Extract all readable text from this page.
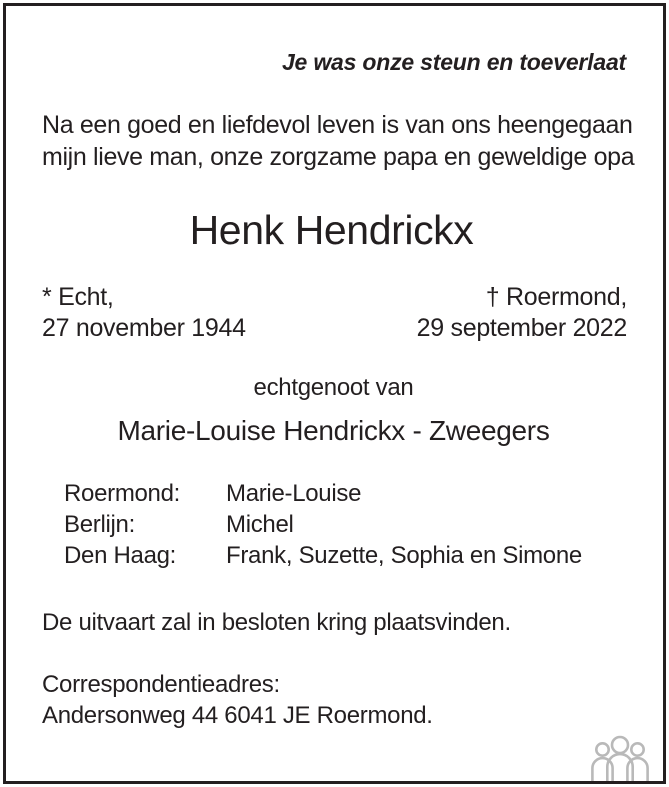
Je was onze steun en toeverlaat
Na een goed en liefdevol leven is van ons heengegaan
mijn lieve man, onze zorgzame papa en geweldige opa
Henk Hendrickx
* Echt,
27 november 1944
† Roermond,
29 september 2022
echtgenoot van
Marie-Louise Hendrickx - Zweegers
Roermond:	Marie-Louise
Berlijn:	Michel
Den Haag:	Frank, Suzette, Sophia en Simone
De uitvaart zal in besloten kring plaatsvinden.
Correspondentieadres:
Andersonweg 44 6041 JE Roermond.
